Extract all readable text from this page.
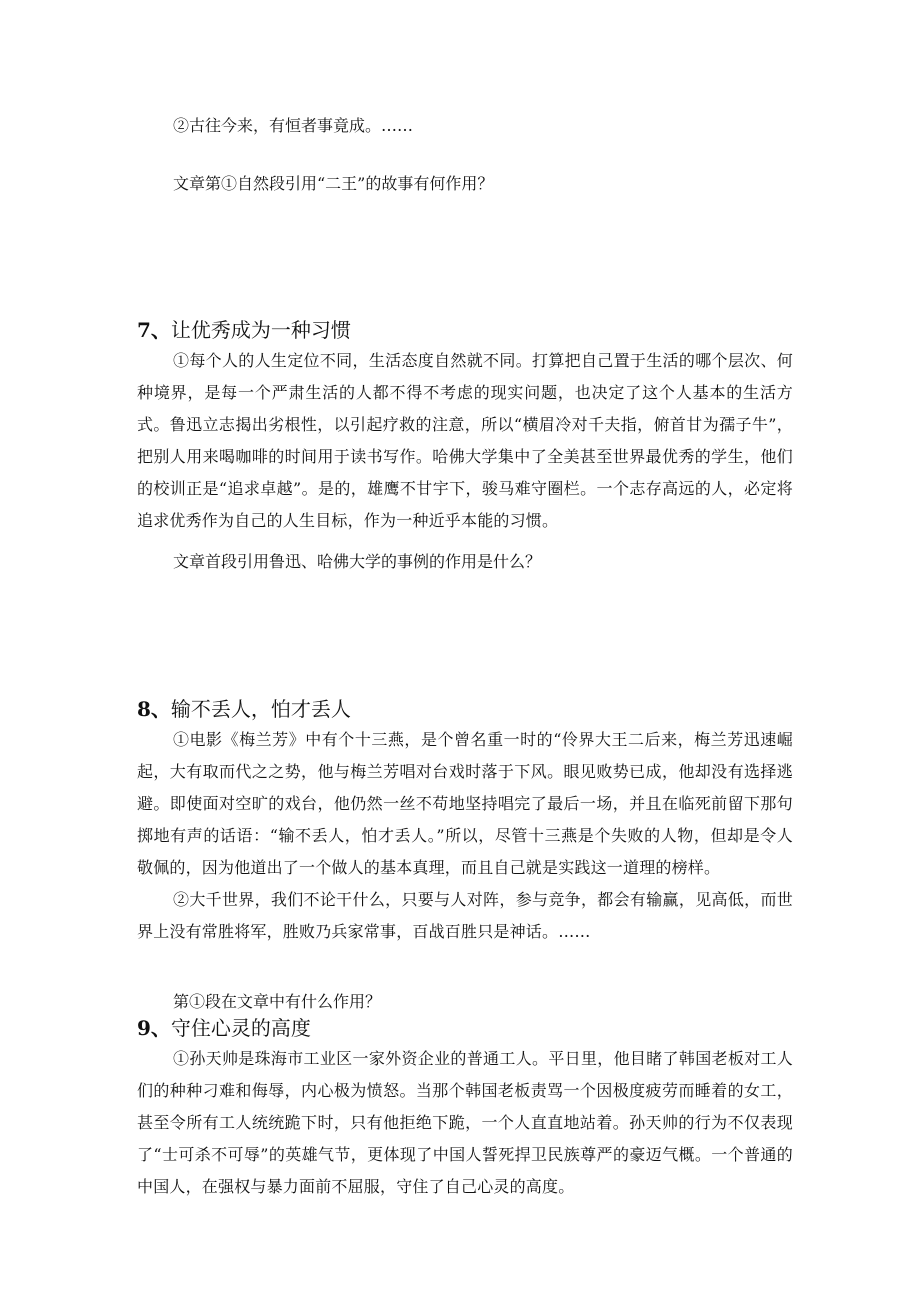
②古往今来，有恒者事竟成。……

文章第①自然段引用“二王”的故事有何作用？

7、让优秀成为一种习惯

①每个人的人生定位不同，生活态度自然就不同。打算把自己置于生活的哪个层次、何种境界，是每一个严肃生活的人都不得不考虑的现实问题，也决定了这个人基本的生活方式。鲁迅立志揭出劣根性，以引起疗救的注意，所以“横眉冷对千夫指，俯首甘为孺子牛”，把别人用来喝咖啡的时间用于读书写作。哈佛大学集中了全美甚至世界最优秀的学生，他们的校训正是“追求卓越”。是的，雄鹰不甘宇下，骏马难守圈栏。一个志存高远的人，必定将追求优秀作为自己的人生目标，作为一种近乎本能的习惯。

文章首段引用鲁迅、哈佛大学的事例的作用是什么？

8、输不丢人，怕才丢人

①电影《梅兰芳》中有个十三燕，是个曾名重一时的“伶界大王二后来，梅兰芳迅速崛起，大有取而代之之势，他与梅兰芳唱对台戏时落于下风。眼见败势已成，他却没有选择逃避。即使面对空旷的戏台，他仍然一丝不苟地坚持唱完了最后一场，并且在临死前留下那句掷地有声的话语：“输不丢人，怕才丢人。”所以，尽管十三燕是个失败的人物，但却是令人敬佩的，因为他道出了一个做人的基本真理，而且自己就是实践这一道理的榜样。

②大千世界，我们不论干什么，只要与人对阵，参与竞争，都会有输赢，见高低，而世界上没有常胜将军，胜败乃兵家常事，百战百胜只是神话。……

第①段在文章中有什么作用？

9、守住心灵的高度

①孙天帅是珠海市工业区一家外资企业的普通工人。平日里，他目睹了韩国老板对工人们的种种刁难和侮辱，内心极为愤怒。当那个韩国老板责骂一个因极度疲劳而睡着的女工，甚至令所有工人统统跪下时，只有他拒绝下跪，一个人直直地站着。孙天帅的行为不仅表现了“士可杀不可辱”的英雄气节，更体现了中国人誓死捍卫民族尊严的豪迈气概。一个普通的中国人，在强权与暴力面前不屈服，守住了自己心灵的高度。
